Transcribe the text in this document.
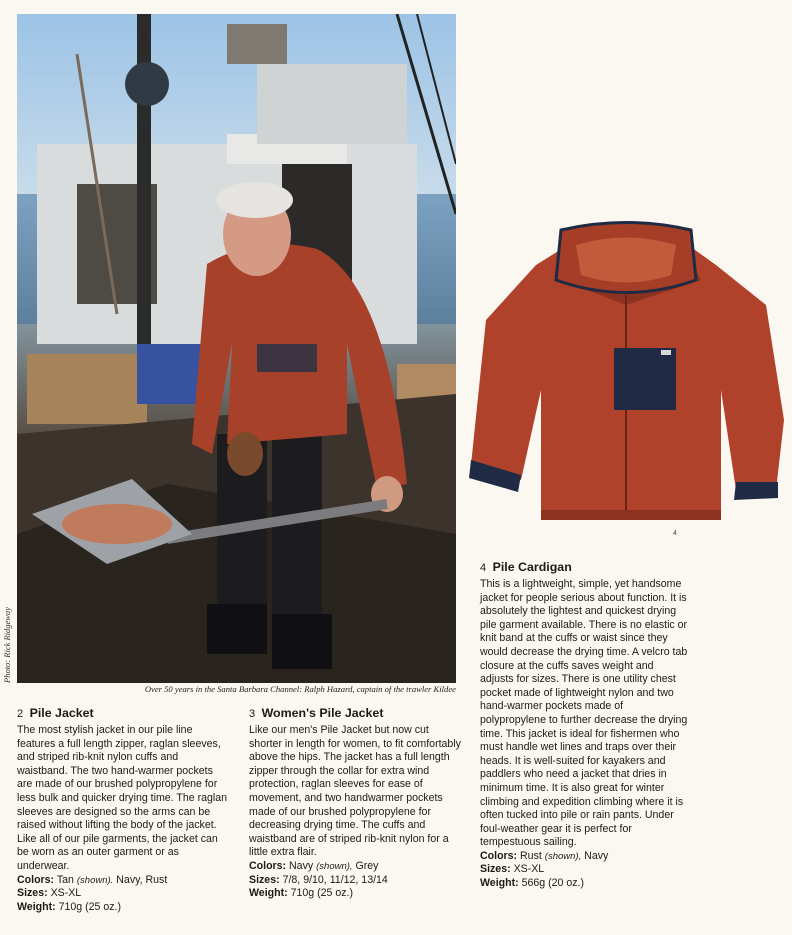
Photo: Rick Ridgeway
Over 50 years in the Santa Barbara Channel: Ralph Hazard, captain of the trawler Kildee
4
2 Pile Jacket

The most stylish jacket in our pile line features a full length zipper, raglan sleeves, and striped rib-knit nylon cuffs and waistband. The two hand-warmer pockets are made of our brushed polypropylene for less bulk and quicker drying time. The raglan sleeves are designed so the arms can be raised without lifting the body of the jacket. Like all of our pile garments, the jacket can be worn as an outer garment or as underwear.

Colors: Tan (shown). Navy, Rust
Sizes: XS-XL
Weight: 710g (25 oz.)
3 Women's Pile Jacket

Like our men's Pile Jacket but now cut shorter in length for women, to fit comfortably above the hips. The jacket has a full length zipper through the collar for extra wind protection, raglan sleeves for ease of movement, and two handwarmer pockets made of our brushed polypropylene for decreasing drying time. The cuffs and waistband are of striped rib-knit nylon for a little extra flair.

Colors: Navy (shown), Grey
Sizes: 7/8, 9/10, 11/12, 13/14
Weight: 710g (25 oz.)
4 Pile Cardigan

This is a lightweight, simple, yet handsome jacket for people serious about function. It is absolutely the lightest and quickest drying pile garment available. There is no elastic or knit band at the cuffs or waist since they would decrease the drying time. A velcro tab closure at the cuffs saves weight and adjusts for sizes. There is one utility chest pocket made of lightweight nylon and two hand-warmer pockets made of polypropylene to further decrease the drying time. This jacket is ideal for fishermen who must handle wet lines and traps over their heads. It is well-suited for kayakers and paddlers who need a jacket that dries in minimum time. It is also great for winter climbing and expedition climbing where it is often tucked into pile or rain pants. Under foul-weather gear it is perfect for tempestuous sailing.

Colors: Rust (shown), Navy
Sizes: XS-XL
Weight: 566g (20 oz.)
